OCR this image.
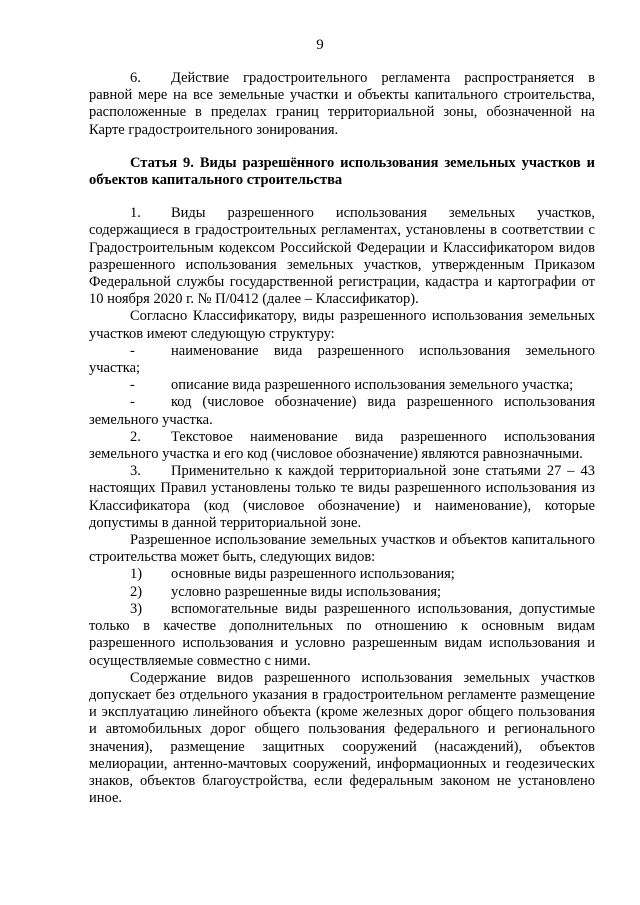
9

6. Действие градостроительного регламента распространяется в равной мере на все земельные участки и объекты капитального строительства, расположенные в пределах границ территориальной зоны, обозначенной на Карте градостроительного зонирования.

Статья 9. Виды разрешённого использования земельных участков и объектов капитального строительства

1. Виды разрешенного использования земельных участков, содержащиеся в градостроительных регламентах, установлены в соответствии с Градостроительным кодексом Российской Федерации и Классификатором видов разрешенного использования земельных участков, утвержденным Приказом Федеральной службы государственной регистрации, кадастра и картографии от 10 ноября 2020 г. № П/0412 (далее – Классификатор).

Согласно Классификатору, виды разрешенного использования земельных участков имеют следующую структуру:

- наименование вида разрешенного использования земельного участка;

- описание вида разрешенного использования земельного участка;

- код (числовое обозначение) вида разрешенного использования земельного участка.

2. Текстовое наименование вида разрешенного использования земельного участка и его код (числовое обозначение) являются равнозначными.

3. Применительно к каждой территориальной зоне статьями 27 – 43 настоящих Правил установлены только те виды разрешенного использования из Классификатора (код (числовое обозначение) и наименование), которые допустимы в данной территориальной зоне.

Разрешенное использование земельных участков и объектов капитального строительства может быть, следующих видов:

1) основные виды разрешенного использования;

2) условно разрешенные виды использования;

3) вспомогательные виды разрешенного использования, допустимые только в качестве дополнительных по отношению к основным видам разрешенного использования и условно разрешенным видам использования и осуществляемые совместно с ними.

Содержание видов разрешенного использования земельных участков допускает без отдельного указания в градостроительном регламенте размещение и эксплуатацию линейного объекта (кроме железных дорог общего пользования и автомобильных дорог общего пользования федерального и регионального значения), размещение защитных сооружений (насаждений), объектов мелиорации, антенно-мачтовых сооружений, информационных и геодезических знаков, объектов благоустройства, если федеральным законом не установлено иное.
